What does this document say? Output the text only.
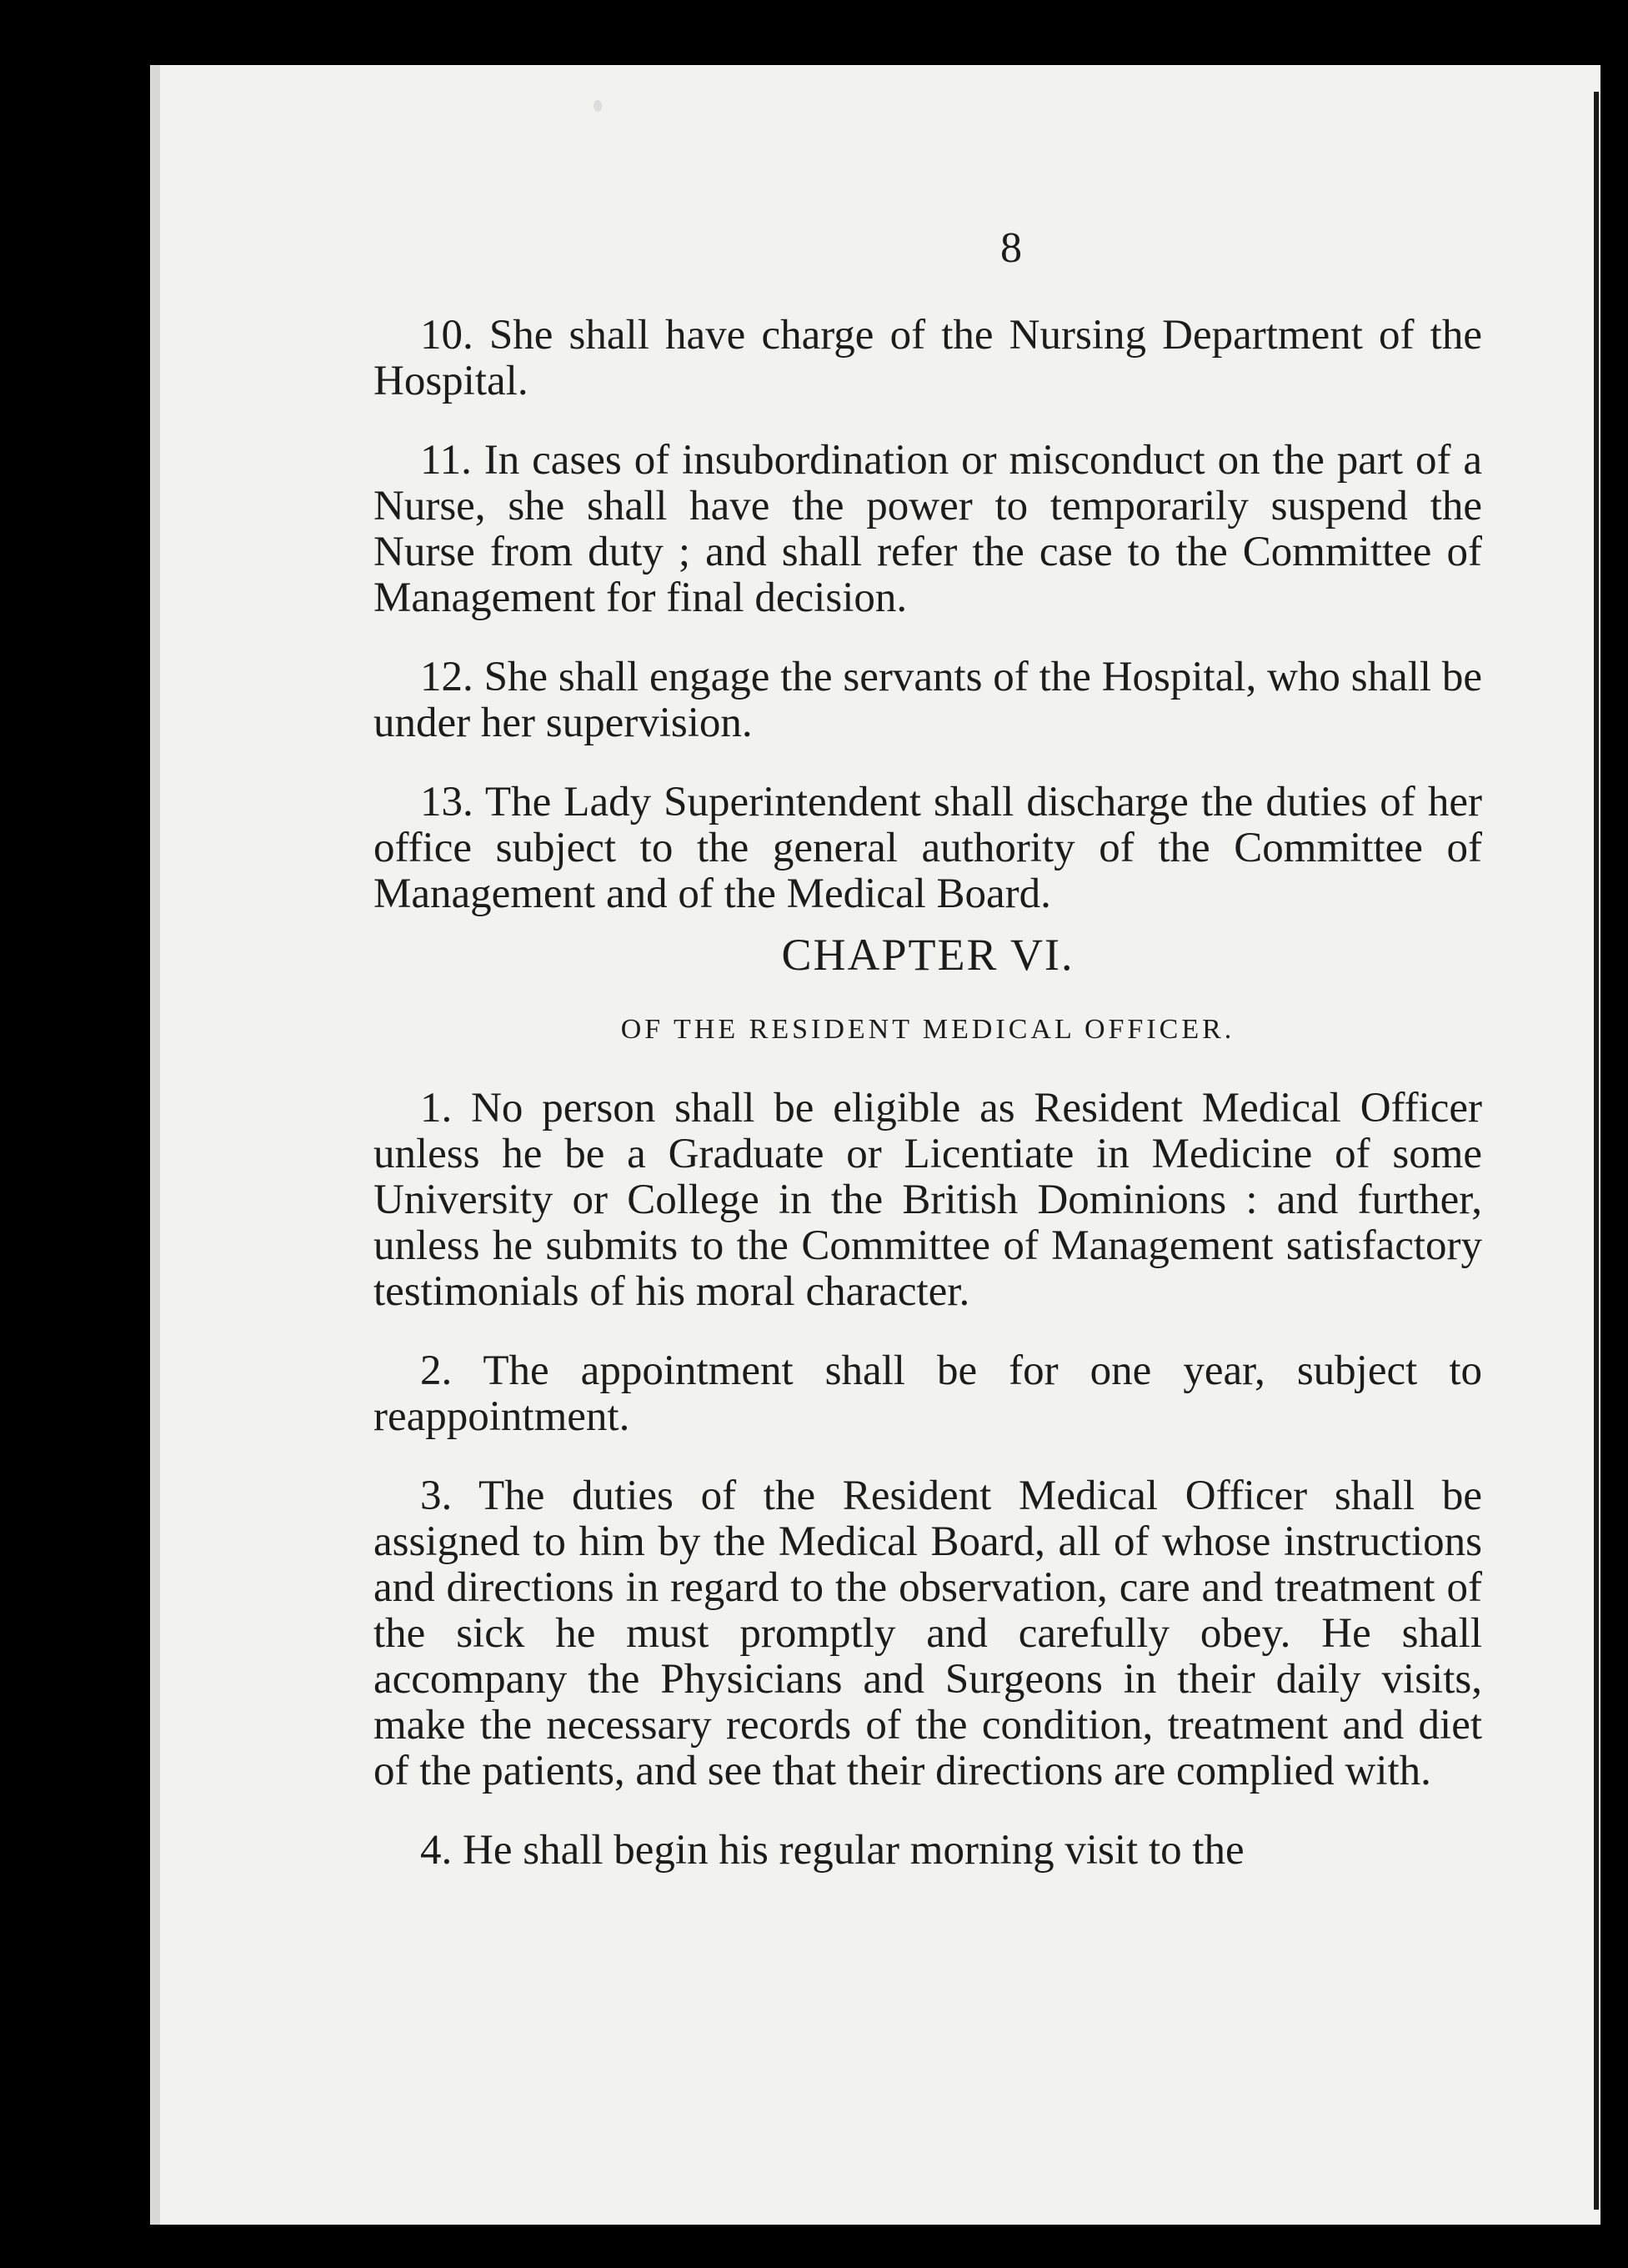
8

10. She shall have charge of the Nursing Department of the Hospital.

11. In cases of insubordination or misconduct on the part of a Nurse, she shall have the power to temporarily suspend the Nurse from duty ; and shall refer the case to the Committee of Management for final decision.

12. She shall engage the servants of the Hospital, who shall be under her supervision.

13. The Lady Superintendent shall discharge the duties of her office subject to the general authority of the Committee of Management and of the Medical Board.

CHAPTER VI.
OF THE RESIDENT MEDICAL OFFICER.

1. No person shall be eligible as Resident Medical Officer unless he be a Graduate or Licentiate in Medicine of some University or College in the British Dominions : and further, unless he submits to the Committee of Management satisfactory testimonials of his moral character.

2. The appointment shall be for one year, subject to reappointment.

3. The duties of the Resident Medical Officer shall be assigned to him by the Medical Board, all of whose instructions and directions in regard to the observation, care and treatment of the sick he must promptly and carefully obey. He shall accompany the Physicians and Surgeons in their daily visits, make the necessary records of the condition, treatment and diet of the patients, and see that their directions are complied with.

4. He shall begin his regular morning visit to the
